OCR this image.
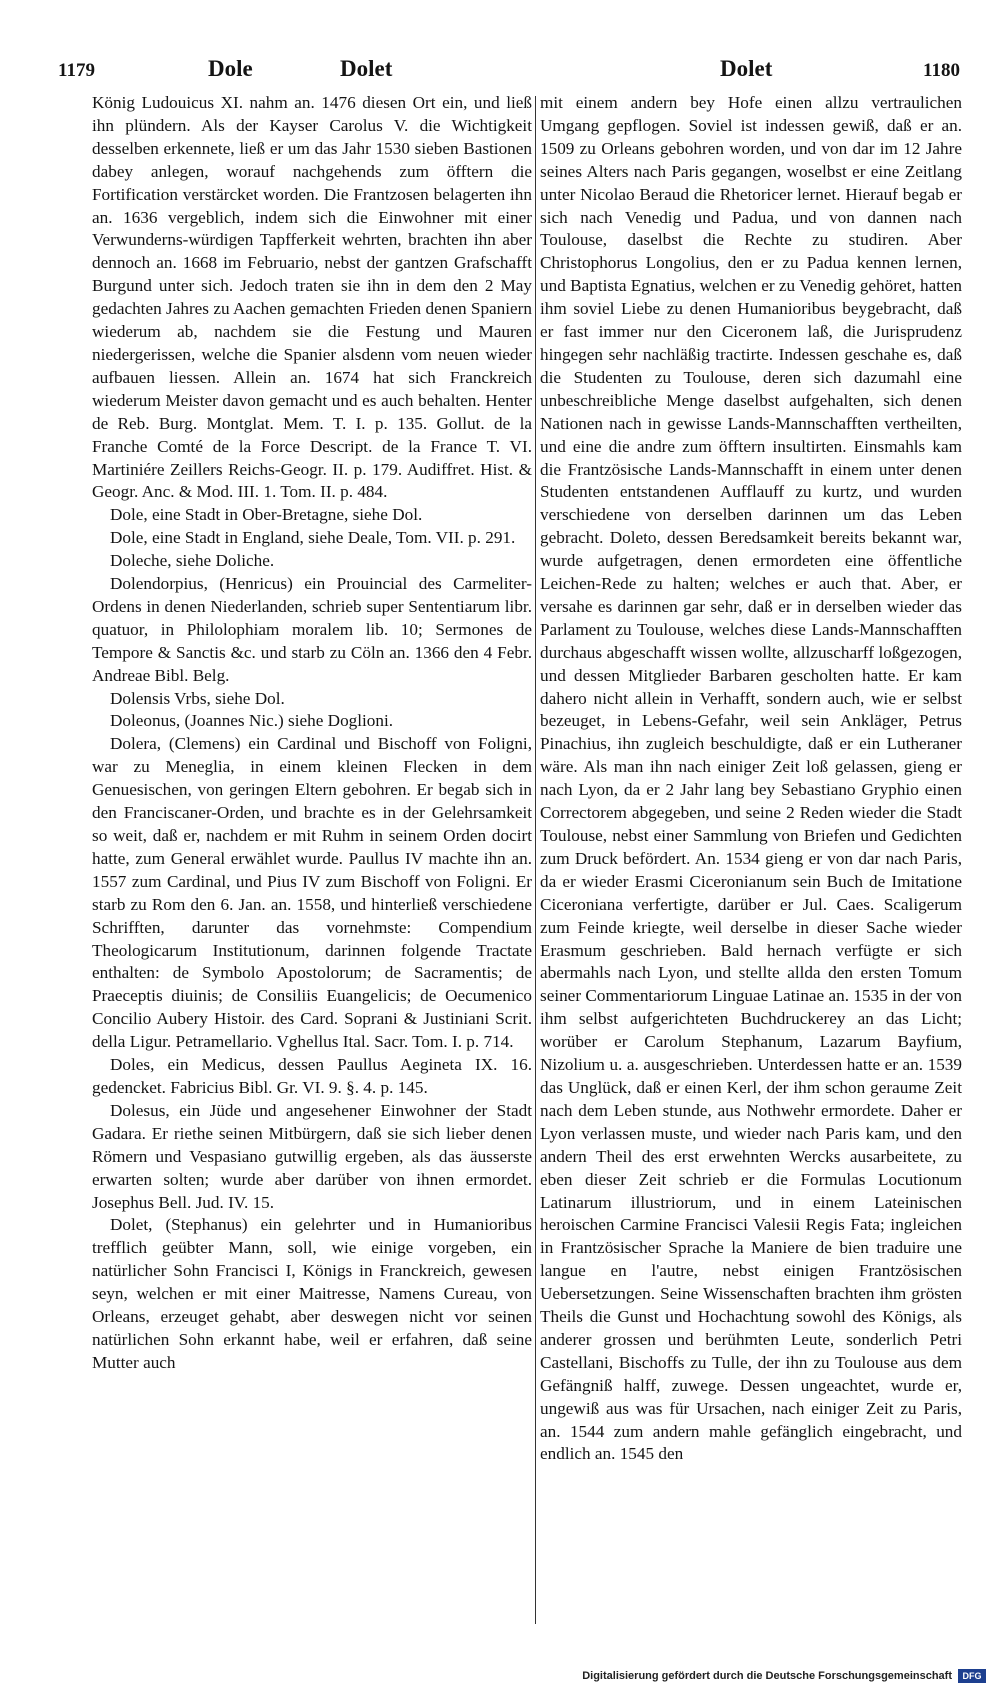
1179	Dole	Dolet	Dolet	1180

König Ludouicus XI. nahm an. 1476 diesen Ort ein, und ließ ihn plündern. Als der Kayser Carolus V. die Wichtigkeit desselben erkennete, ließ er um das Jahr 1530 sieben Bastionen dabey anlegen, worauf nachgehends zum öfftern die Fortification verstärcket worden. Die Frantzosen belagerten ihn an. 1636 vergeblich, indem sich die Einwohner mit einer Verwunderns-würdigen Tapfferkeit wehrten, brachten ihn aber dennoch an. 1668 im Februario, nebst der gantzen Grafschafft Burgund unter sich. Jedoch traten sie ihn in dem den 2 May gedachten Jahres zu Aachen gemachten Frieden denen Spaniern wiederum ab, nachdem sie die Festung und Mauren niedergerissen, welche die Spanier alsdenn vom neuen wieder aufbauen liessen. Allein an. 1674 hat sich Franckreich wiederum Meister davon gemacht und es auch behalten. Henter de Reb. Burg. Montglat. Mem. T. I. p. 135. Gollut. de la Franche Comté de la Force Descript. de la France T. VI. Martiniére Zeillers Reichs-Geogr. II. p. 179. Audiffret. Hist. & Geogr. Anc. & Mod. III. 1. Tom. II. p. 484.

Dole, eine Stadt in Ober-Bretagne, siehe Dol.

Dole, eine Stadt in England, siehe Deale, Tom. VII. p. 291.

Doleche, siehe Doliche.

Dolendorpius, (Henricus) ein Prouincial des Carmeliter-Ordens in denen Niederlanden, schrieb super Sententiarum libr. quatuor, in Philolophiam moralem lib. 10; Sermones de Tempore & Sanctis &c. und starb zu Cöln an. 1366 den 4 Febr. Andreae Bibl. Belg.

Dolensis Vrbs, siehe Dol.

Doleonus, (Joannes Nic.) siehe Doglioni.

Dolera, (Clemens) ein Cardinal und Bischoff von Foligni, war zu Meneglia, in einem kleinen Flecken in dem Genuesischen, von geringen Eltern gebohren. Er begab sich in den Franciscaner-Orden, und brachte es in der Gelehrsamkeit so weit, daß er, nachdem er mit Ruhm in seinem Orden docirt hatte, zum General erwählet wurde. Paullus IV machte ihn an. 1557 zum Cardinal, und Pius IV zum Bischoff von Foligni. Er starb zu Rom den 6. Jan. an. 1558, und hinterließ verschiedene Schrifften, darunter das vornehmste: Compendium Theologicarum Institutionum, darinnen folgende Tractate enthalten: de Symbolo Apostolorum; de Sacramentis; de Praeceptis diuinis; de Consiliis Euangelicis; de Oecumenico Concilio Aubery Histoir. des Card. Soprani & Justiniani Scrit. della Ligur. Petramellario. Vghellus Ital. Sacr. Tom. I. p. 714.

Doles, ein Medicus, dessen Paullus Aegineta IX. 16. gedencket. Fabricius Bibl. Gr. VI. 9. §. 4. p. 145.

Dolesus, ein Jüde und angesehener Einwohner der Stadt Gadara. Er riethe seinen Mitbürgern, daß sie sich lieber denen Römern und Vespasiano gutwillig ergeben, als das äusserste erwarten solten; wurde aber darüber von ihnen ermordet. Josephus Bell. Jud. IV. 15.

Dolet, (Stephanus) ein gelehrter und in Humanioribus trefflich geübter Mann, soll, wie einige vorgeben, ein natürlicher Sohn Francisci I, Königs in Franckreich, gewesen seyn, welchen er mit einer Maitresse, Namens Cureau, von Orleans, erzeuget gehabt, aber deswegen nicht vor seinen natürlichen Sohn erkannt habe, weil er erfahren, daß seine Mutter auch

mit einem andern bey Hofe einen allzu vertraulichen Umgang gepflogen. Soviel ist indessen gewiß, daß er an. 1509 zu Orleans gebohren worden, und von dar im 12 Jahre seines Alters nach Paris gegangen, woselbst er eine Zeitlang unter Nicolao Beraud die Rhetoricer lernet. Hierauf begab er sich nach Venedig und Padua, und von dannen nach Toulouse, daselbst die Rechte zu studiren. Aber Christophorus Longolius, den er zu Padua kennen lernen, und Baptista Egnatius, welchen er zu Venedig gehöret, hatten ihm soviel Liebe zu denen Humanioribus beygebracht, daß er fast immer nur den Ciceronem laß, die Jurisprudenz hingegen sehr nachläßig tractirte. Indessen geschahe es, daß die Studenten zu Toulouse, deren sich dazumahl eine unbeschreibliche Menge daselbst aufgehalten, sich denen Nationen nach in gewisse Lands-Mannschafften vertheilten, und eine die andre zum öfftern insultirten. Einsmahls kam die Frantzösische Lands-Mannschafft in einem unter denen Studenten entstandenen Aufflauff zu kurtz, und wurden verschiedene von derselben darinnen um das Leben gebracht. Doleto, dessen Beredsamkeit bereits bekannt war, wurde aufgetragen, denen ermordeten eine öffentliche Leichen-Rede zu halten; welches er auch that. Aber, er versahe es darinnen gar sehr, daß er in derselben wieder das Parlament zu Toulouse, welches diese Lands-Mannschafften durchaus abgeschafft wissen wollte, allzuscharff loßgezogen, und dessen Mitglieder Barbaren gescholten hatte. Er kam dahero nicht allein in Verhafft, sondern auch, wie er selbst bezeuget, in Lebens-Gefahr, weil sein Ankläger, Petrus Pinachius, ihn zugleich beschuldigte, daß er ein Lutheraner wäre. Als man ihn nach einiger Zeit loß gelassen, gieng er nach Lyon, da er 2 Jahr lang bey Sebastiano Gryphio einen Correctorem abgegeben, und seine 2 Reden wieder die Stadt Toulouse, nebst einer Sammlung von Briefen und Gedichten zum Druck befördert. An. 1534 gieng er von dar nach Paris, da er wieder Erasmi Ciceronianum sein Buch de Imitatione Ciceroniana verfertigte, darüber er Jul. Caes. Scaligerum zum Feinde kriegte, weil derselbe in dieser Sache wieder Erasmum geschrieben. Bald hernach verfügte er sich abermahls nach Lyon, und stellte allda den ersten Tomum seiner Commentariorum Linguae Latinae an. 1535 in der von ihm selbst aufgerichteten Buchdruckerey an das Licht; worüber er Carolum Stephanum, Lazarum Bayfium, Nizolium u. a. ausgeschrieben. Unterdessen hatte er an. 1539 das Unglück, daß er einen Kerl, der ihm schon geraume Zeit nach dem Leben stunde, aus Nothwehr ermordete. Daher er Lyon verlassen muste, und wieder nach Paris kam, und den andern Theil des erst erwehnten Wercks ausarbeitete, zu eben dieser Zeit schrieb er die Formulas Locutionum Latinarum illustriorum, und in einem Lateinischen heroischen Carmine Francisci Valesii Regis Fata; ingleichen in Frantzösischer Sprache la Maniere de bien traduire une langue en l'autre, nebst einigen Frantzösischen Uebersetzungen. Seine Wissenschaften brachten ihm grösten Theils die Gunst und Hochachtung sowohl des Königs, als anderer grossen und berühmten Leute, sonderlich Petri Castellani, Bischoffs zu Tulle, der ihn zu Toulouse aus dem Gefängniß halff, zuwege. Dessen ungeachtet, wurde er, ungewiß aus was für Ursachen, nach einiger Zeit zu Paris, an. 1544 zum andern mahle gefänglich eingebracht, und endlich an. 1545 den

Digitalisierung gefördert durch die Deutsche Forschungsgemeinschaft	DFG
